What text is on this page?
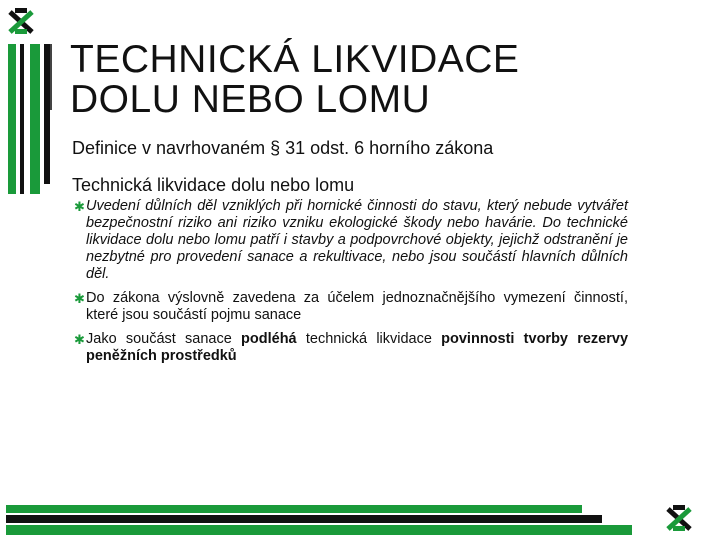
TECHNICKÁ LIKVIDACE
DOLU NEBO LOMU

Definice v navrhovaném § 31 odst. 6 horního zákona

Technická likvidace dolu nebo lomu

✱ Uvedení důlních děl vzniklých při hornické činnosti do stavu, který nebude vytvářet bezpečnostní riziko ani riziko vzniku ekologické škody nebo havárie. Do technické likvidace dolu nebo lomu patří i stavby a podpovrchové objekty, jejichž odstranění je nezbytné pro provedení sanace a rekultivace, nebo jsou součástí hlavních důlních děl.
✱ Do zákona výslovně zavedena za účelem jednoznačnějšího vymezení činností, které jsou součástí pojmu sanace
✱ Jako součást sanace podléhá technická likvidace povinnosti tvorby rezervy peněžních prostředků
